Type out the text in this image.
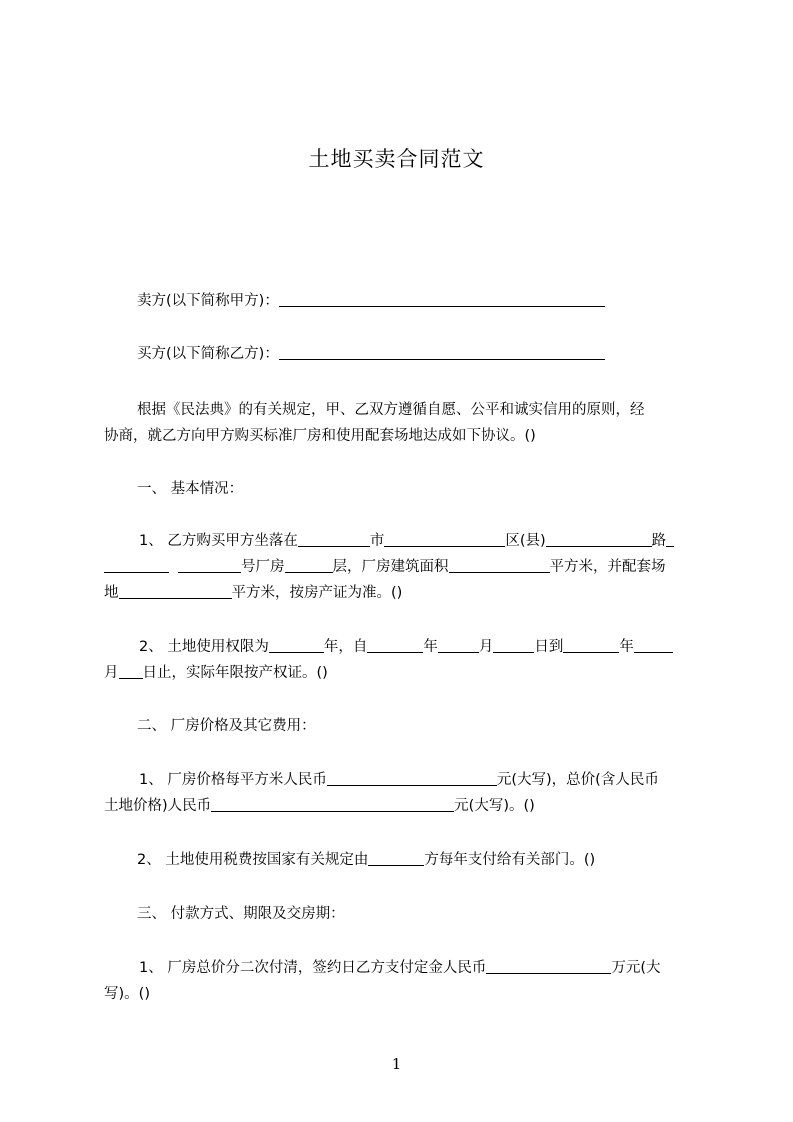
土地买卖合同范文
卖方(以下简称甲方)：
买方(以下简称乙方)：
根据《民法典》的有关规定，甲、乙双方遵循自愿、公平和诚实信用的原则，经
协商，就乙方向甲方购买标准厂房和使用配套场地达成如下协议。()
一、 基本情况：
1、 乙方购买甲方坐落在	市	区(县)	路
号厂房	层，厂房建筑面积	平方米，并配套场
地	平方米，按房产证为准。()
2、 土地使用权限为	年，自	年	月	日到	年
月 日止，实际年限按产权证。()
二、 厂房价格及其它费用：
1、 厂房价格每平方米人民币	元(大写)，总价(含人民币
土地价格)人民币	元(大写)。()
2、 土地使用税费按国家有关规定由	方每年支付给有关部门。()
三、 付款方式、期限及交房期：
1、 厂房总价分二次付清，签约日乙方支付定金人民币	万元(大
写)。()
1
